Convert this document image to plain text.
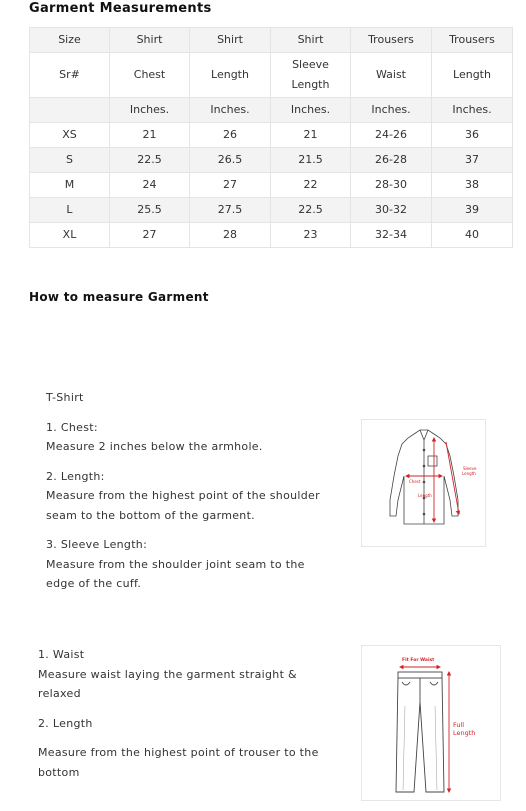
Garment Measurements
Size	Shirt	Shirt	Shirt	Trousers	Trousers
Sr#	Chest	Length	Sleeve Length	Waist	Length
	Inches.	Inches.	Inches.	Inches.	Inches.
XS	21	26	21	24-26	36
S	22.5	26.5	21.5	26-28	37
M	24	27	22	28-30	38
L	25.5	27.5	22.5	30-32	39
XL	27	28	23	32-34	40
How to measure Garment

T-Shirt

1. Chest:

Measure 2 inches below the armhole.

2. Length:

Measure from the highest point of the shoulder

seam to the bottom of the garment.

3. Sleeve Length:

Measure from the shoulder joint seam to the

edge of the cuff.

Chest
Length
Sleeve
Length

1. Waist

Measure waist laying the garment straight &

relaxed

2. Length

Measure from the highest point of trouser to the

bottom

Fit For Waist
Full
Length
